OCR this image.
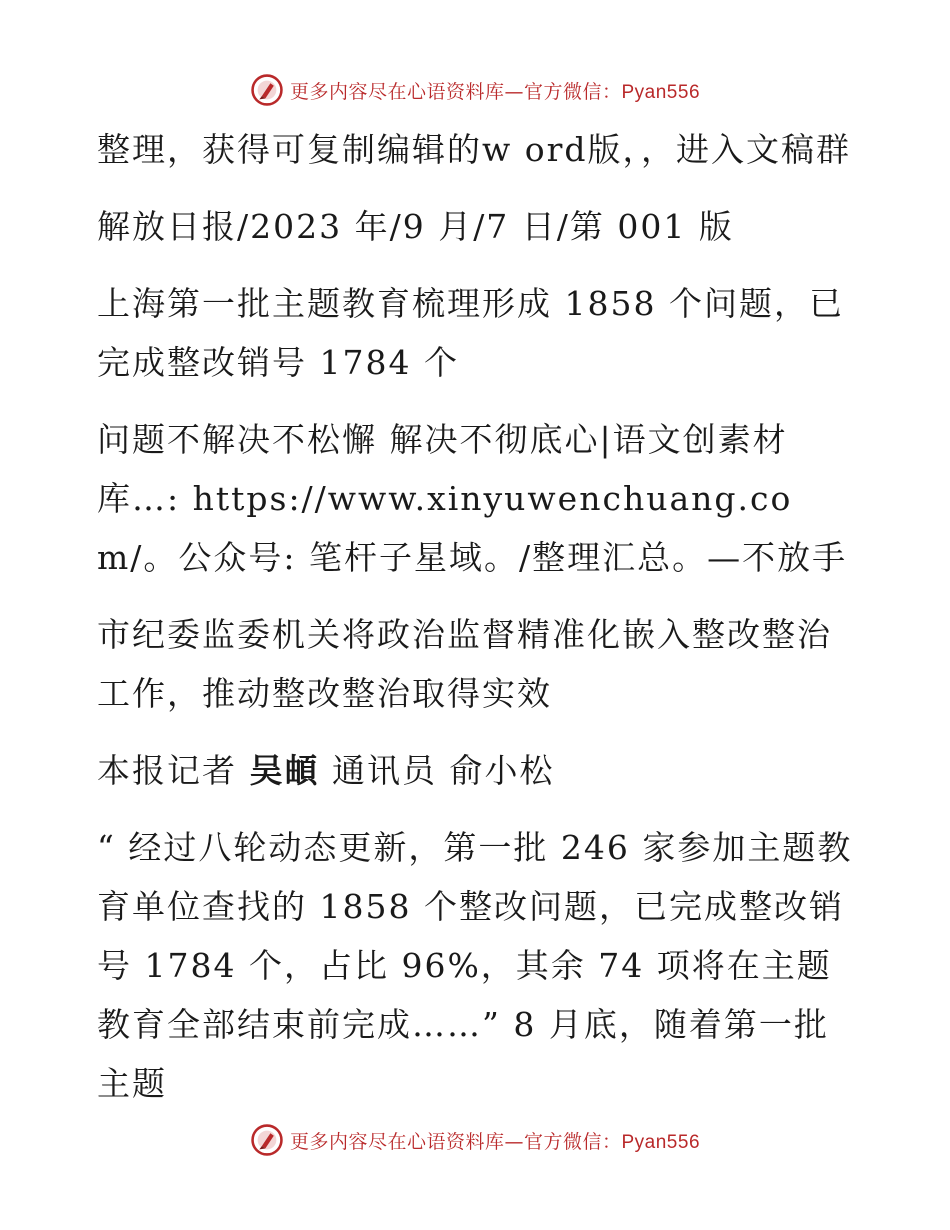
更多内容尽在心语资料库—官方微信：Pyan556

整理，获得可复制编辑的w ord版，，进入文稿群

解放日报/2023 年/9 月/7 日/第 001 版

上海第一批主题教育梳理形成 1858 个问题，已完成整改销号 1784 个

问题不解决不松懈 解决不彻底心|语文创素材库…: https://www.xinyuwenchuang.com/。公众号: 笔杆子星域。/整理汇总。—不放手

市纪委监委机关将政治监督精准化嵌入整改整治工作，推动整改整治取得实效

本报记者 吴頔 通讯员 俞小松

“ 经过八轮动态更新，第一批 246 家参加主题教育单位查找的 1858 个整改问题，已完成整改销号 1784 个，占比 96%，其余 74 项将在主题教育全部结束前完成……” 8 月底，随着第一批主题

更多内容尽在心语资料库—官方微信：Pyan556
